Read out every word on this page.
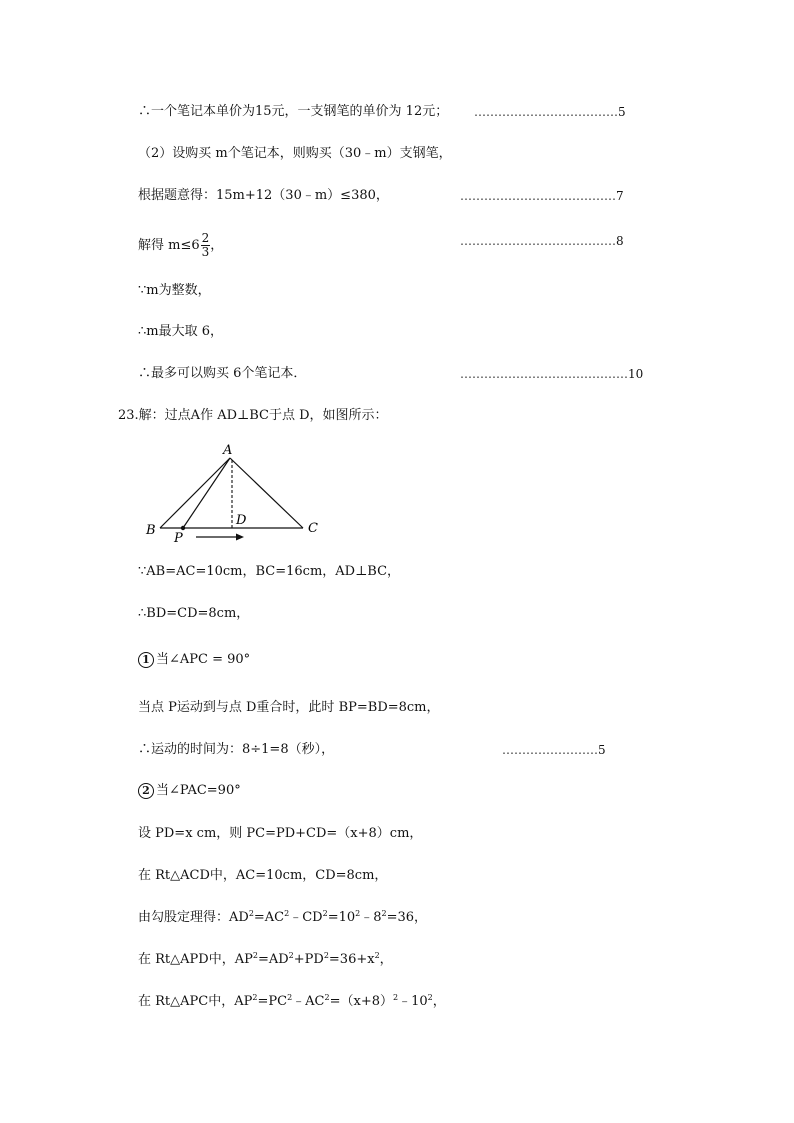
∴一个笔记本单价为15元，一支钢笔的单价为 12元； ………………………………5
（2）设购买 m个笔记本，则购买（30﹣m）支钢笔，
根据题意得：15m+12（30﹣m）≤380，	…………………………………7
解得 $m\le 6 \frac{2}{3}$ ，	…………………………………8
∵m为整数，
∴m最大取 6，
∴最多可以购买 6个笔记本．	……………………………………10
23.解：过点A作 AD⊥BC于点 D，如图所示：
A
B	C
D
P
∵AB=AC=10cm，BC=16cm，AD⊥BC，
∴BD=CD=8cm，
1 当∠APC = 90°
当点 P运动到与点 D重合时，此时 BP=BD=8cm，
∴运动的时间为：8÷1=8（秒），	……………………5
2 当∠PAC=90°
设 PD=x cm，则 PC=PD+CD=（x+8）cm，
在 Rt△ACD中，AC=10cm，CD=8cm，
由勾股定理得：$AD^2=AC^2﹣CD^2=10^2﹣8^2=36$，
在 Rt△APD中，$AP^2=AD^2+PD^2=36+x^2$，
在 Rt△APC中，$AP^2=PC^2﹣AC^2=(x+8)^2﹣10^2$，
